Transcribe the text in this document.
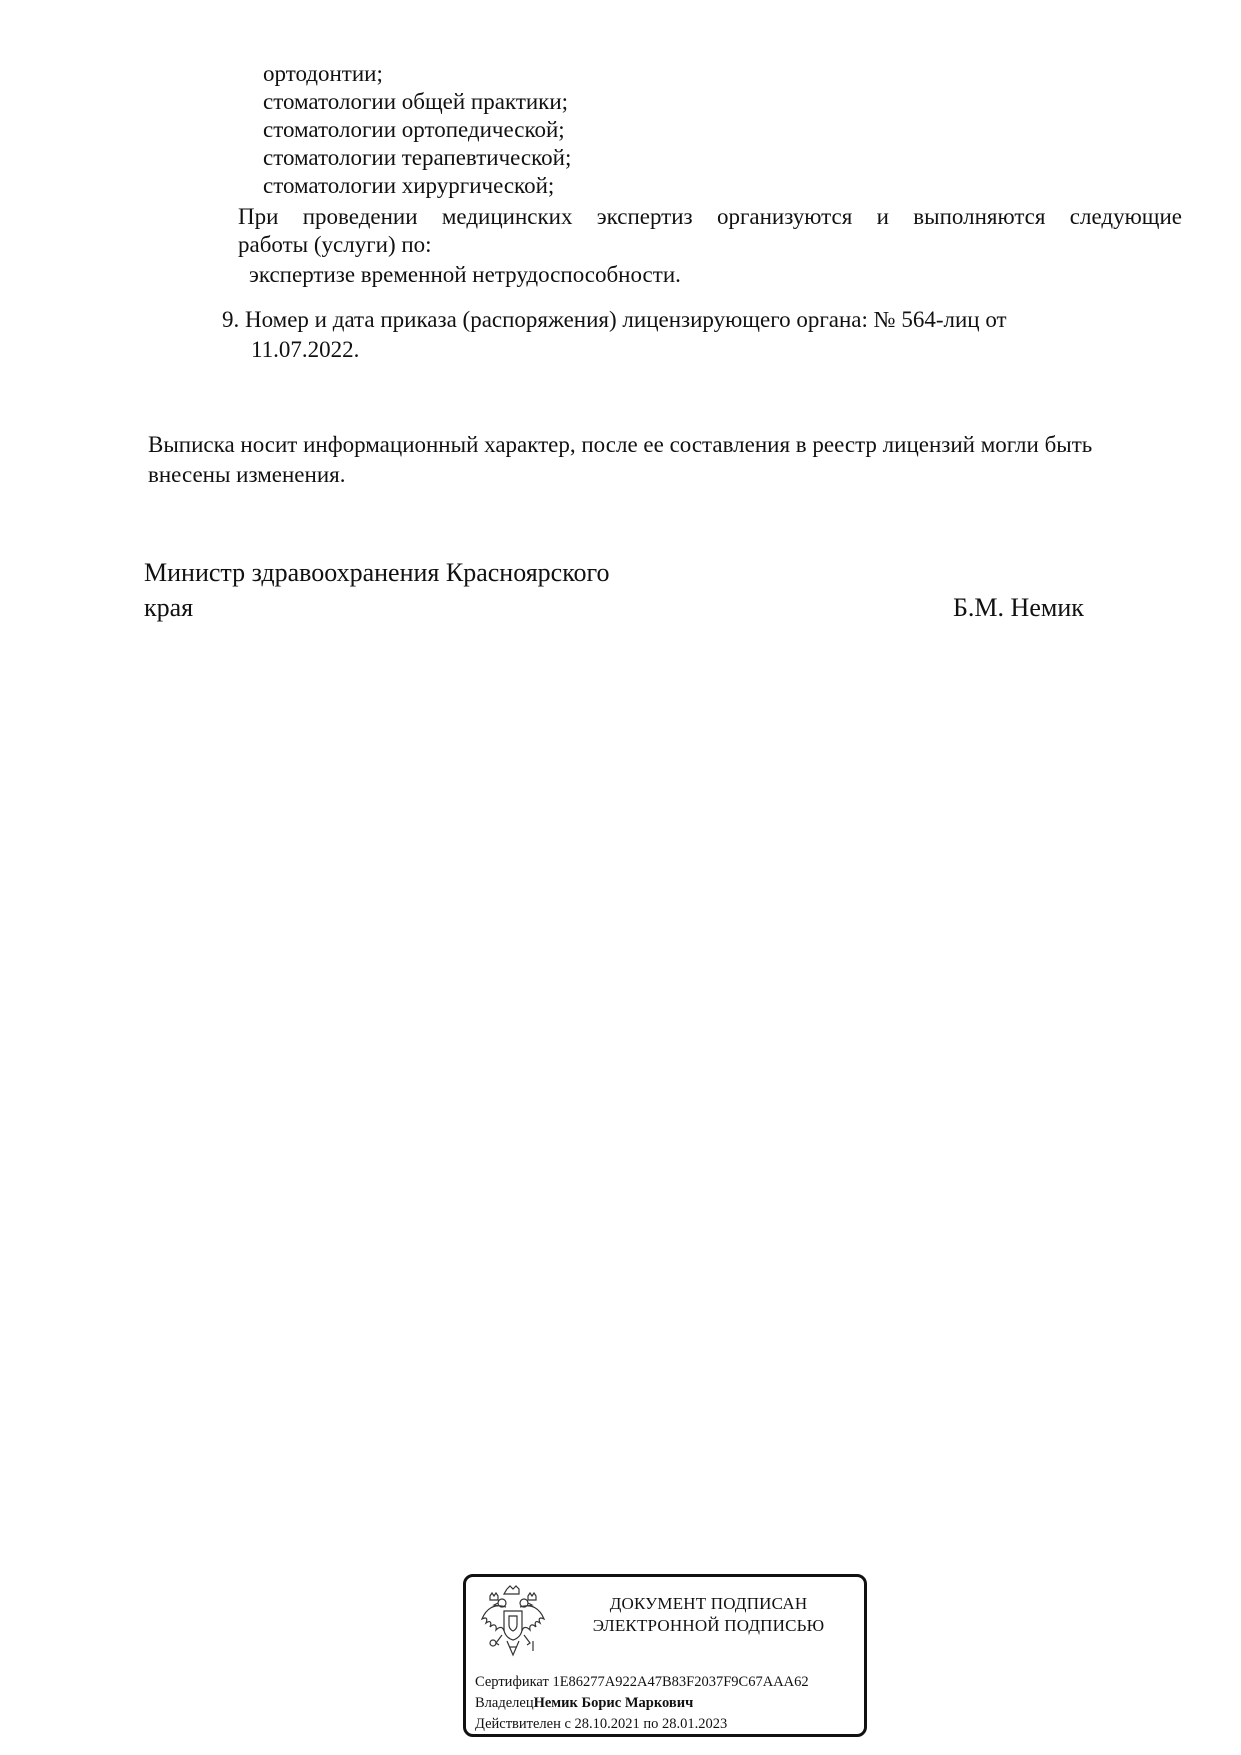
ортодонтии;
стоматологии общей практики;
стоматологии ортопедической;
стоматологии терапевтической;
стоматологии хирургической;
При проведении медицинских экспертиз организуются и выполняются следующие
работы (услуги) по:
экспертизе временной нетрудоспособности.
9. Номер и дата приказа (распоряжения) лицензирующего органа: № 564-лиц от
11.07.2022.
Выписка носит информационный характер, после ее составления в реестр лицензий могли быть
внесены изменения.
Министр здравоохранения Красноярского
края	Б.М. Немик
ДОКУМЕНТ ПОДПИСАН
ЭЛЕКТРОННОЙ ПОДПИСЬЮ
Сертификат 1E86277A922A47B83F2037F9C67AAA62
ВладелецНемик Борис Маркович
Действителен с 28.10.2021 по 28.01.2023
